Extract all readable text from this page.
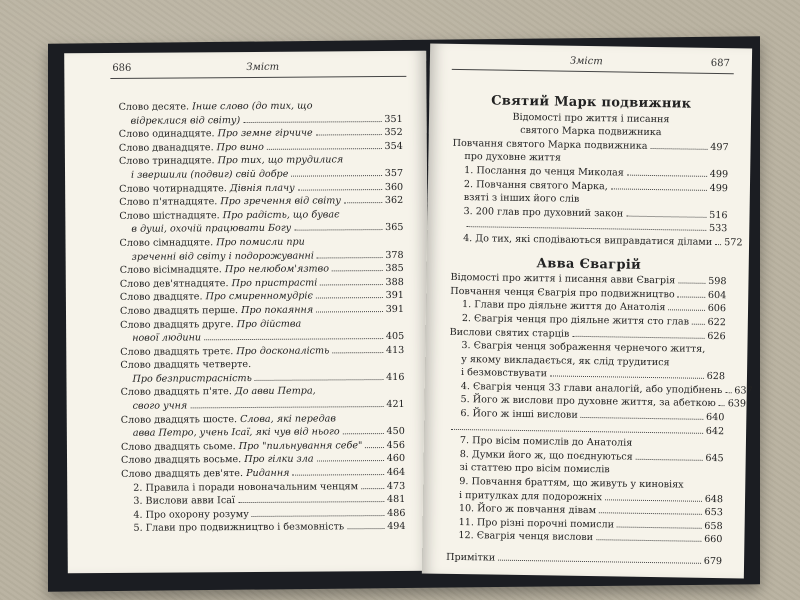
686	Зміст
Слово десяте. Інше слово (до тих, що
відреклися від світу)	351
Слово одинадцяте. Про земне гірчиче	352
Слово дванадцяте. Про вино	354
Слово тринадцяте. Про тих, що трудилися
і звершили (подвиг) свій добре	357
Слово чотирнадцяте. Дівнія плачу	360
Слово п'ятнадцяте. Про зречення від світу	362
Слово шістнадцяте. Про радість, що буває
в душі, охочій працювати Богу	365
Слово сімнадцяте. Про помисли при
зреченні від світу і подорожуванні	378
Слово вісімнадцяте. Про нелюбом'язтво	385
Слово дев'ятнадцяте. Про пристрасті	388
Слово двадцяте. Про смиренномудріє	391
Слово двадцять перше. Про покаяння	391
Слово двадцять друге. Про дійства
нової людини	405
Слово двадцять третє. Про досконалість	413
Слово двадцять четверте.
Про безпристрасність	416
Слово двадцять п'яте. До авви Петра,
свого учня	421
Слово двадцять шосте. Слова, які передав
авва Петро, учень Ісаї, які чув від нього	450
Слово двадцять сьоме. Про "пильнування себе"	456
Слово двадцять восьме. Про гілки зла	460
Слово двадцять дев'яте. Ридання	464
2. Правила і поради новоначальним ченцям	473
3. Вислови авви Ісаї	481
4. Про охорону розуму	486
5. Глави про подвижництво і безмовність	494
Зміст	687
Святий Марк подвижник
Відомості про життя і писання
святого Марка подвижника
Повчання святого Марка подвижника	497
про духовне життя
1. Послання до ченця Миколая	499
2. Повчання святого Марка,	499
взяті з інших його слів
3. 200 глав про духовний закон	516
533
4. До тих, які сподіваються виправдатися ділами 572
Авва Євагрій
Відомості про життя і писання авви Євагрія	598
Повчання ченця Євагрія про подвижництво	604
1. Глави про діяльне життя до Анатолія	606
2. Євагрія ченця про діяльне життя сто глав 622
Вислови святих старців	626
3. Євагрія ченця зображення чернечого життя,
у якому викладається, як слід трудитися
і безмовствувати	628
4. Євагрія ченця 33 глави аналогій, або уподібнень 637
5. Його ж вислови про духовне життя, за абеткою 639
6. Його ж інші вислови	640
642
7. Про вісім помислів до Анатолія
8. Думки його ж, що поєднуються	645
зі статтею про вісім помислів
9. Повчання браттям, що живуть у киновіях
і притулках для подорожніх	648
10. Його ж повчання дівам	653
11. Про різні порочні помисли	658
12. Євагрія ченця вислови	660
Примітки	679
